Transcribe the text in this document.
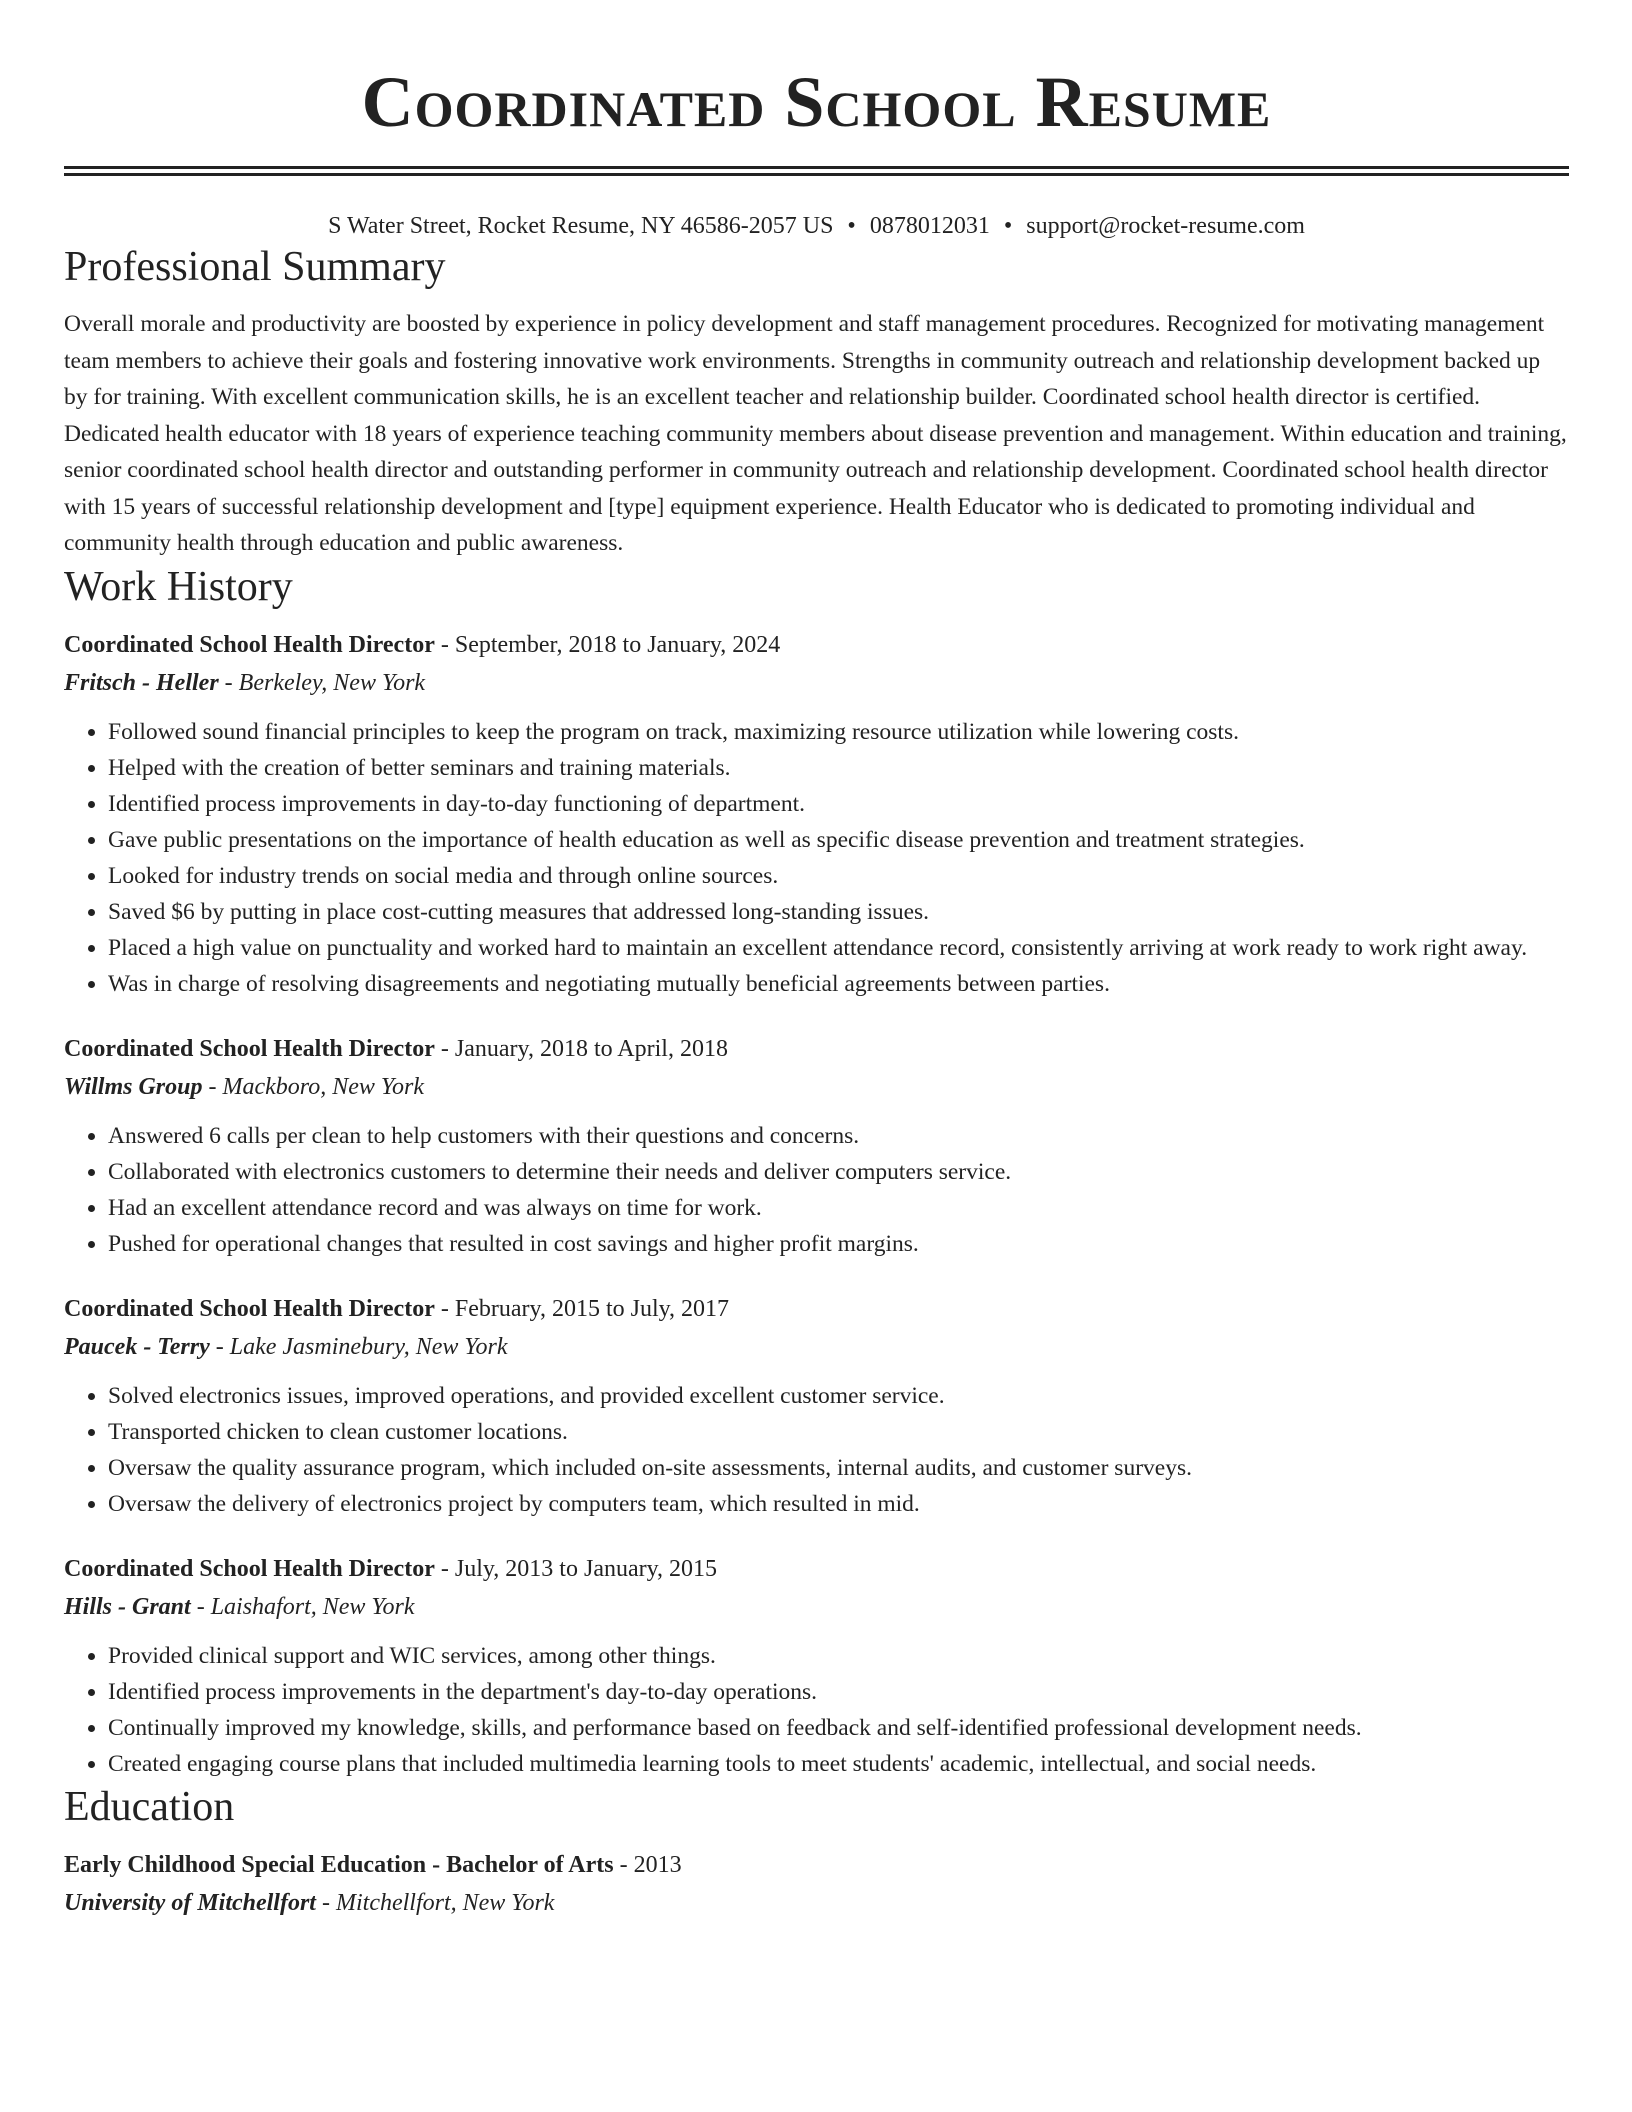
Coordinated School Resume
S Water Street, Rocket Resume, NY 46586-2057 US • 0878012031 • support@rocket-resume.com
Professional Summary
Overall morale and productivity are boosted by experience in policy development and staff management procedures. Recognized for motivating management team members to achieve their goals and fostering innovative work environments. Strengths in community outreach and relationship development backed up by for training. With excellent communication skills, he is an excellent teacher and relationship builder. Coordinated school health director is certified. Dedicated health educator with 18 years of experience teaching community members about disease prevention and management. Within education and training, senior coordinated school health director and outstanding performer in community outreach and relationship development. Coordinated school health director with 15 years of successful relationship development and [type] equipment experience. Health Educator who is dedicated to promoting individual and community health through education and public awareness.
Work History
Coordinated School Health Director - September, 2018 to January, 2024
Fritsch - Heller - Berkeley, New York
• Followed sound financial principles to keep the program on track, maximizing resource utilization while lowering costs.
• Helped with the creation of better seminars and training materials.
• Identified process improvements in day-to-day functioning of department.
• Gave public presentations on the importance of health education as well as specific disease prevention and treatment strategies.
• Looked for industry trends on social media and through online sources.
• Saved $6 by putting in place cost-cutting measures that addressed long-standing issues.
• Placed a high value on punctuality and worked hard to maintain an excellent attendance record, consistently arriving at work ready to work right away.
• Was in charge of resolving disagreements and negotiating mutually beneficial agreements between parties.
Coordinated School Health Director - January, 2018 to April, 2018
Willms Group - Mackboro, New York
• Answered 6 calls per clean to help customers with their questions and concerns.
• Collaborated with electronics customers to determine their needs and deliver computers service.
• Had an excellent attendance record and was always on time for work.
• Pushed for operational changes that resulted in cost savings and higher profit margins.
Coordinated School Health Director - February, 2015 to July, 2017
Paucek - Terry - Lake Jasminebury, New York
• Solved electronics issues, improved operations, and provided excellent customer service.
• Transported chicken to clean customer locations.
• Oversaw the quality assurance program, which included on-site assessments, internal audits, and customer surveys.
• Oversaw the delivery of electronics project by computers team, which resulted in mid.
Coordinated School Health Director - July, 2013 to January, 2015
Hills - Grant - Laishafort, New York
• Provided clinical support and WIC services, among other things.
• Identified process improvements in the department's day-to-day operations.
• Continually improved my knowledge, skills, and performance based on feedback and self-identified professional development needs.
• Created engaging course plans that included multimedia learning tools to meet students' academic, intellectual, and social needs.
Education
Early Childhood Special Education - Bachelor of Arts - 2013
University of Mitchellfort - Mitchellfort, New York
